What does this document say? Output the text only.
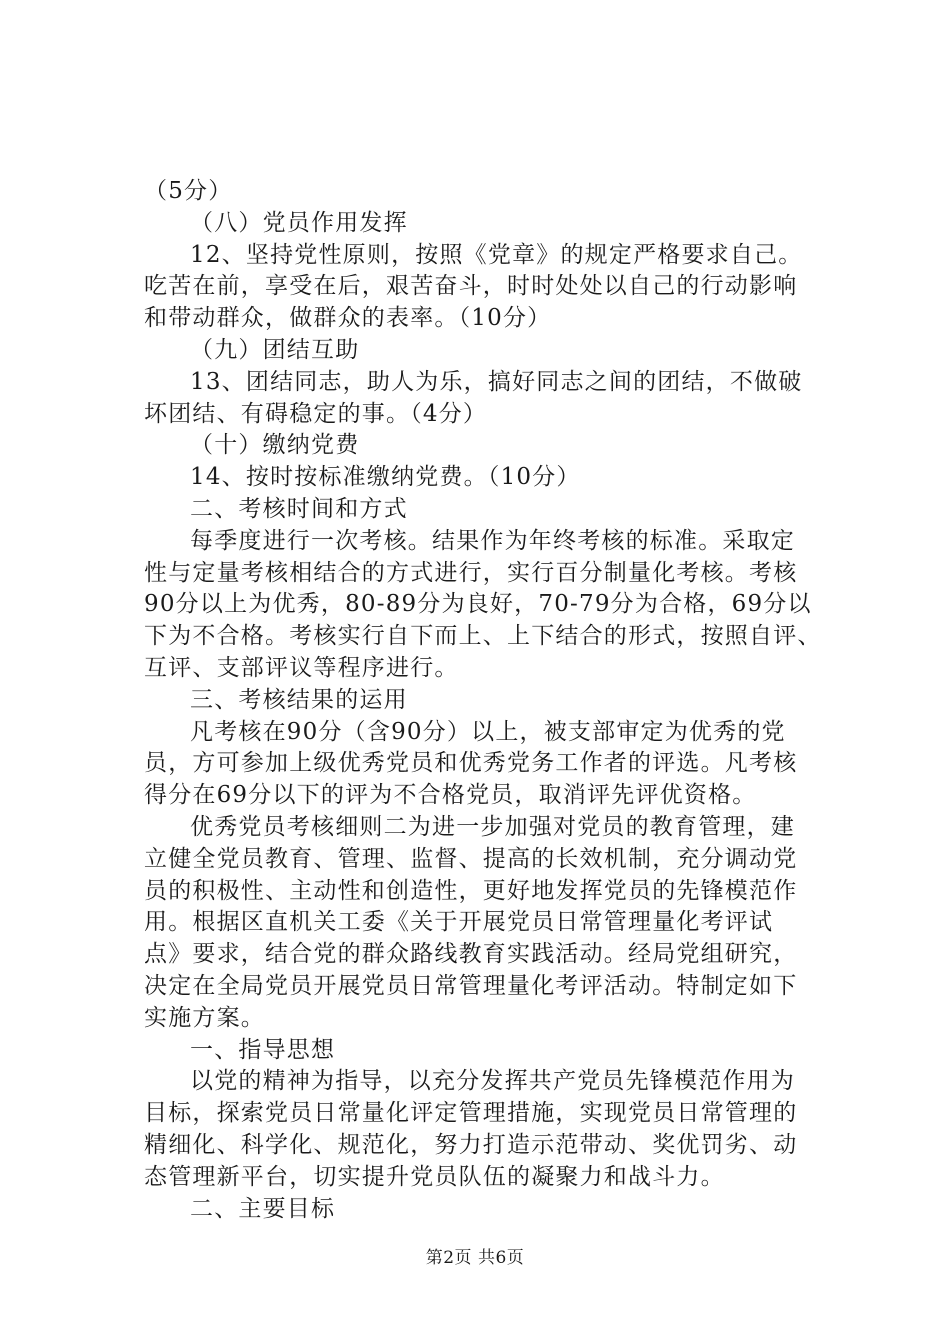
（5分）
（八）党员作用发挥
12、坚持党性原则，按照《党章》的规定严格要求自己。
吃苦在前，享受在后，艰苦奋斗，时时处处以自己的行动影响
和带动群众，做群众的表率。（10分）
（九）团结互助
13、团结同志，助人为乐，搞好同志之间的团结，不做破
坏团结、有碍稳定的事。（4分）
（十）缴纳党费
14、按时按标准缴纳党费。（10分）
二、考核时间和方式
每季度进行一次考核。结果作为年终考核的标准。采取定
性与定量考核相结合的方式进行，实行百分制量化考核。考核
90分以上为优秀，80-89分为良好，70-79分为合格，69分以
下为不合格。考核实行自下而上、上下结合的形式，按照自评、
互评、支部评议等程序进行。
三、考核结果的运用
凡考核在90分（含90分）以上，被支部审定为优秀的党
员，方可参加上级优秀党员和优秀党务工作者的评选。凡考核
得分在69分以下的评为不合格党员，取消评先评优资格。
优秀党员考核细则二为进一步加强对党员的教育管理，建
立健全党员教育、管理、监督、提高的长效机制，充分调动党
员的积极性、主动性和创造性，更好地发挥党员的先锋模范作
用。根据区直机关工委《关于开展党员日常管理量化考评试
点》要求，结合党的群众路线教育实践活动。经局党组研究，
决定在全局党员开展党员日常管理量化考评活动。特制定如下
实施方案。
一、指导思想
以党的精神为指导，以充分发挥共产党员先锋模范作用为
目标，探索党员日常量化评定管理措施，实现党员日常管理的
精细化、科学化、规范化，努力打造示范带动、奖优罚劣、动
态管理新平台，切实提升党员队伍的凝聚力和战斗力。
二、主要目标
第2页 共6页
